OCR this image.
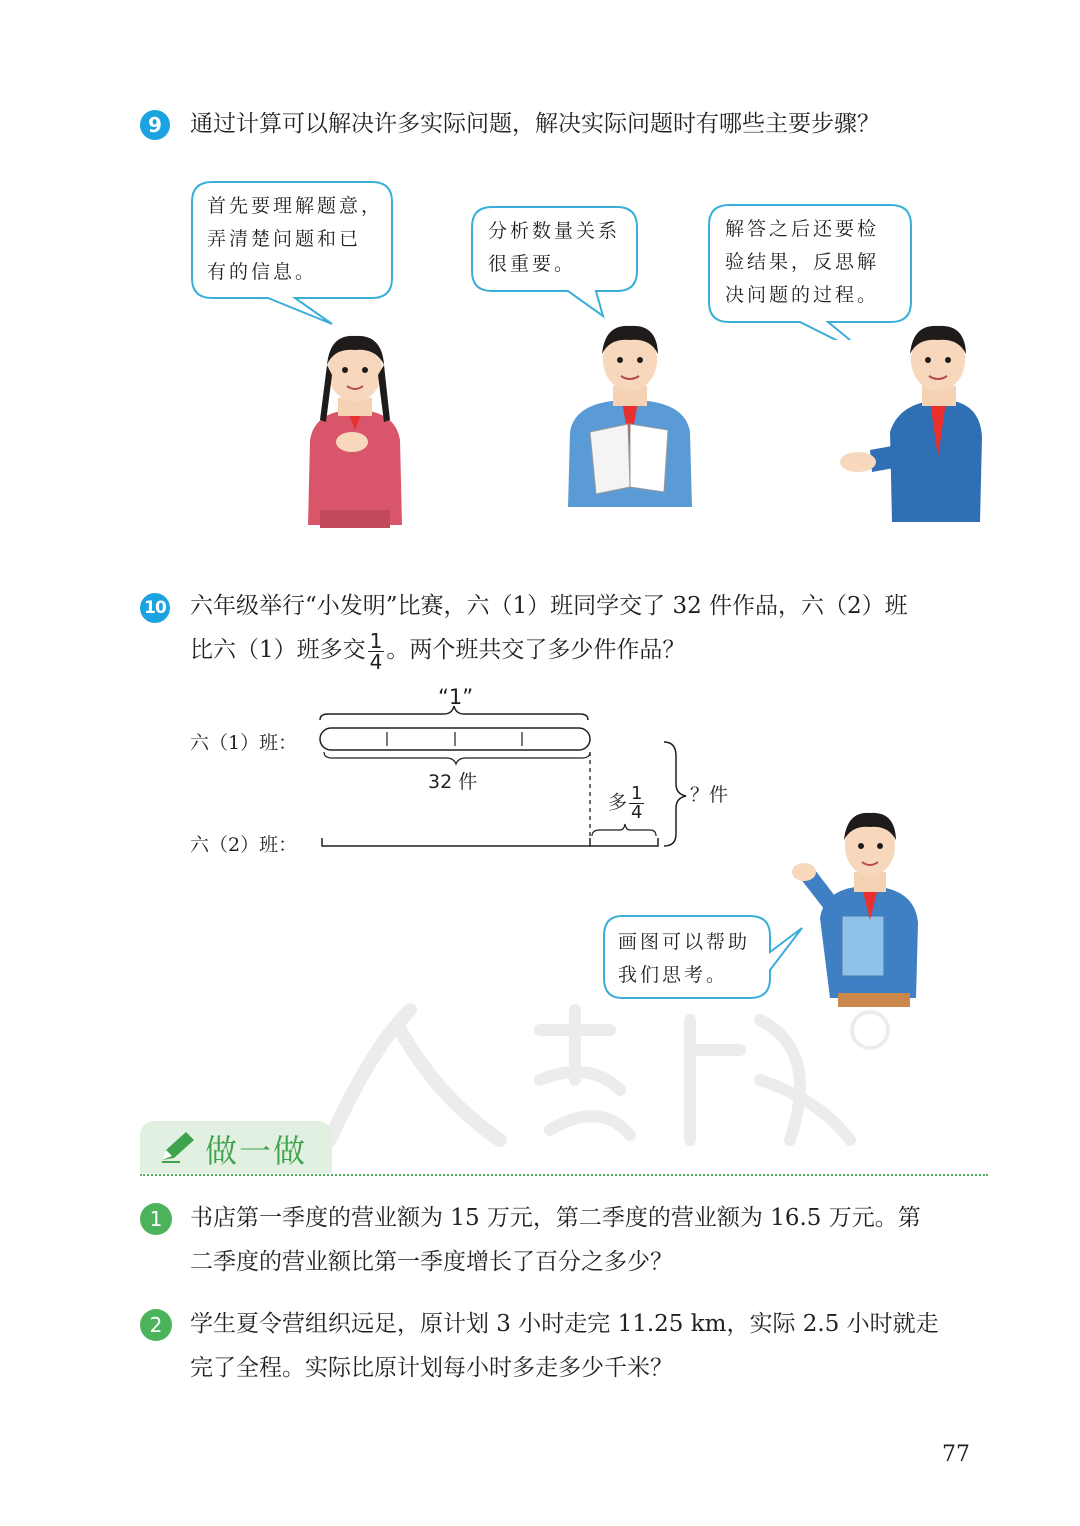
9	通过计算可以解决许多实际问题，解决实际问题时有哪些主要步骤？
首先要理解题意，
弄清楚问题和已
有的信息。
分析数量关系
很重要。
解答之后还要检
验结果，反思解
决问题的过程。
10 六年级举行“小发明”比赛，六（1）班同学交了 32 件作品，六（2）班
比六（1）班多交 $\frac{1}{4}$ 。两个班共交了多少件作品？
“1”
六（1）班：
六（2）班：
32 件
多 $\frac{1}{4}$ ？件
画图可以帮助
我们思考。
做一做
1	书店第一季度的营业额为 15 万元，第二季度的营业额为 16.5 万元。第
二季度的营业额比第一季度增长了百分之多少？
2	学生夏令营组织远足，原计划 3 小时走完 11.25 km，实际 2.5 小时就走
完了全程。实际比原计划每小时多走多少千米？
77
